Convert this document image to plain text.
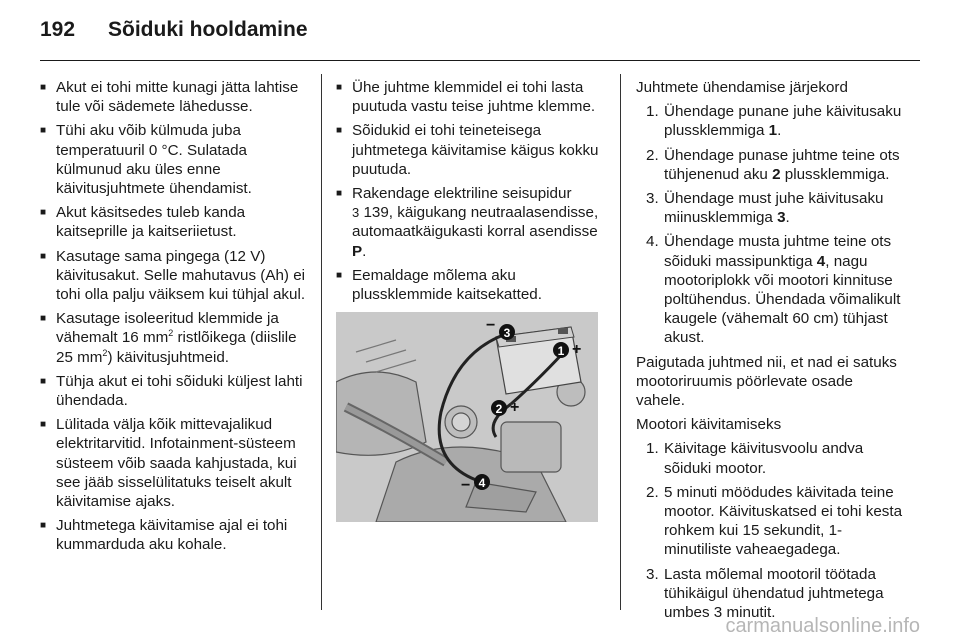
192	Sõiduki hooldamine
■ Akut ei tohi mitte kunagi jätta lahtise tule või sädemete lähedusse.
■ Tühi aku võib külmuda juba temperatuuril 0 °C. Sulatada külmunud aku üles enne käivitusjuhtmete ühendamist.
■ Akut käsitsedes tuleb kanda kaitseprille ja kaitseriietust.
■ Kasutage sama pingega (12 V) käivitusakut. Selle mahutavus (Ah) ei tohi olla palju väiksem kui tühjal akul.
■ Kasutage isoleeritud klemmide ja vähemalt 16 $mm^2$ ristlõikega (diislile 25 $mm^2$) käivitusjuhtmeid.
■ Tühja akut ei tohi sõiduki küljest lahti ühendada.
■ Lülitada välja kõik mittevajalikud elektritarvitid. Infotainment-süsteem süsteem võib saada kahjustada, kui see jääb sisselülitatuks teiselt akult käivitamise ajaks.
■ Juhtmetega käivitamise ajal ei tohi kummarduda aku kohale.
■ Ühe juhtme klemmidel ei tohi lasta puutuda vastu teise juhtme klemme.
■ Sõidukid ei tohi teineteisega juhtmetega käivitamise käigus kokku puutuda.
■ Rakendage elektriline seisupidur
3 139, käigukang neutraalasendisse, automaatkäigukasti korral asendisse P.
■ Eemaldage mõlema aku plussklemmide kaitsekatted.
− 3
1 +
2 +
− 4

Juhtmete ühendamise järjekord

1. Ühendage punane juhe käivitusaku plussklemmiga 1.
2. Ühendage punase juhtme teine ots tühjenenud aku 2 plussklemmiga.
3. Ühendage must juhe käivitusaku miinusklemmiga 3.
4. Ühendage musta juhtme teine ots sõiduki massipunktiga 4, nagu mootoriplokk või mootori kinnituse poltühendus. Ühendada võimalikult kaugele (vähemalt 60 cm) tühjast akust.

Paigutada juhtmed nii, et nad ei satuks mootoriruumis pöörlevate osade vahele.

Mootori käivitamiseks

1. Käivitage käivitusvoolu andva sõiduki mootor.
2. 5 minuti möödudes käivitada teine mootor. Käivituskatsed ei tohi kesta rohkem kui 15 sekundit, 1-minutiliste vaheaegadega.
3. Lasta mõlemal mootoril töötada tühikäigul ühendatud juhtmetega umbes 3 minutit.
carmanualsonline.info
